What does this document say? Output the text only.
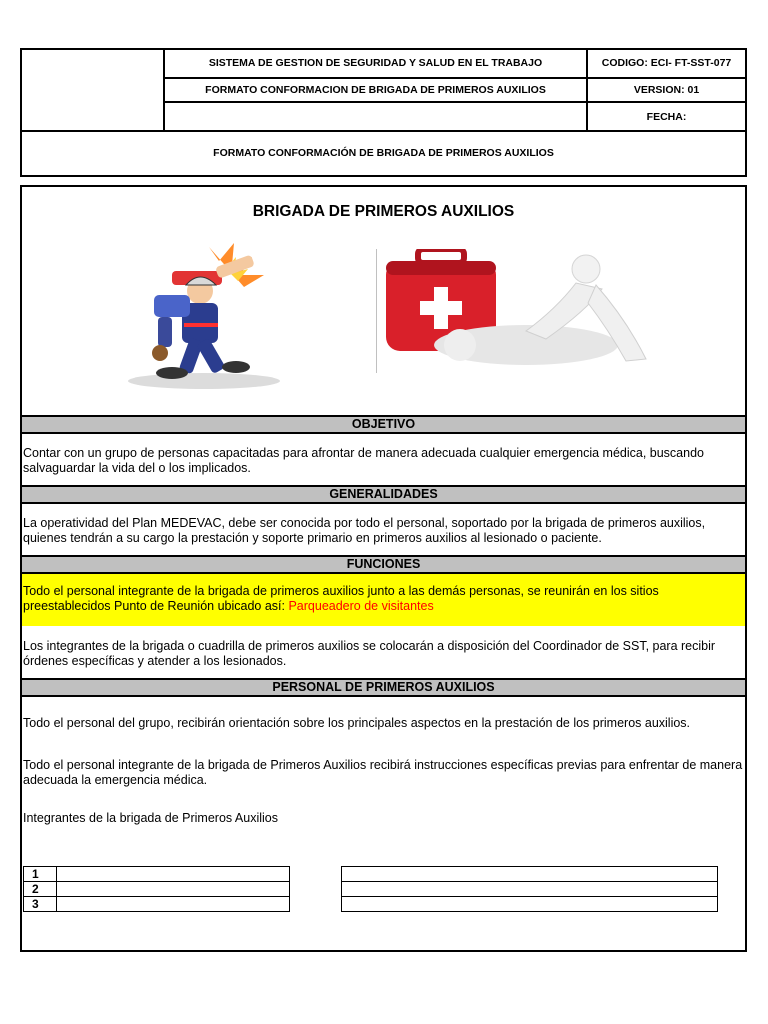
	SISTEMA DE GESTION DE SEGURIDAD Y SALUD EN EL TRABAJO	CODIGO: ECI- FT-SST-077
	FORMATO CONFORMACION DE BRIGADA DE PRIMEROS AUXILIOS	VERSION: 01
		FECHA:
FORMATO CONFORMACIÓN DE BRIGADA DE PRIMEROS AUXILIOS
BRIGADA DE PRIMEROS AUXILIOS
OBJETIVO
Contar con un grupo de personas capacitadas para afrontar de manera adecuada cualquier emergencia médica, buscando salvaguardar la vida del o los implicados.
GENERALIDADES
La operatividad del Plan MEDEVAC, debe ser conocida por todo el personal, soportado por la brigada de primeros auxilios, quienes tendrán a su cargo la prestación y soporte primario en primeros auxilios al lesionado o paciente.
FUNCIONES
Todo el personal integrante de la brigada de primeros auxilios junto a las demás personas, se reunirán en los sitios preestablecidos Punto de Reunión ubicado así: Parqueadero de visitantes
Los integrantes de la brigada o cuadrilla de primeros auxilios se colocarán a disposición del Coordinador de SST, para recibir órdenes específicas y atender a los lesionados.
PERSONAL DE PRIMEROS AUXILIOS
Todo el personal del grupo, recibirán orientación sobre los principales aspectos en la prestación de los primeros auxilios.
Todo el personal integrante de la brigada de Primeros Auxilios recibirá instrucciones específicas previas para enfrentar de manera adecuada la emergencia médica.
Integrantes de la brigada de Primeros Auxilios
1	
2	
3	
